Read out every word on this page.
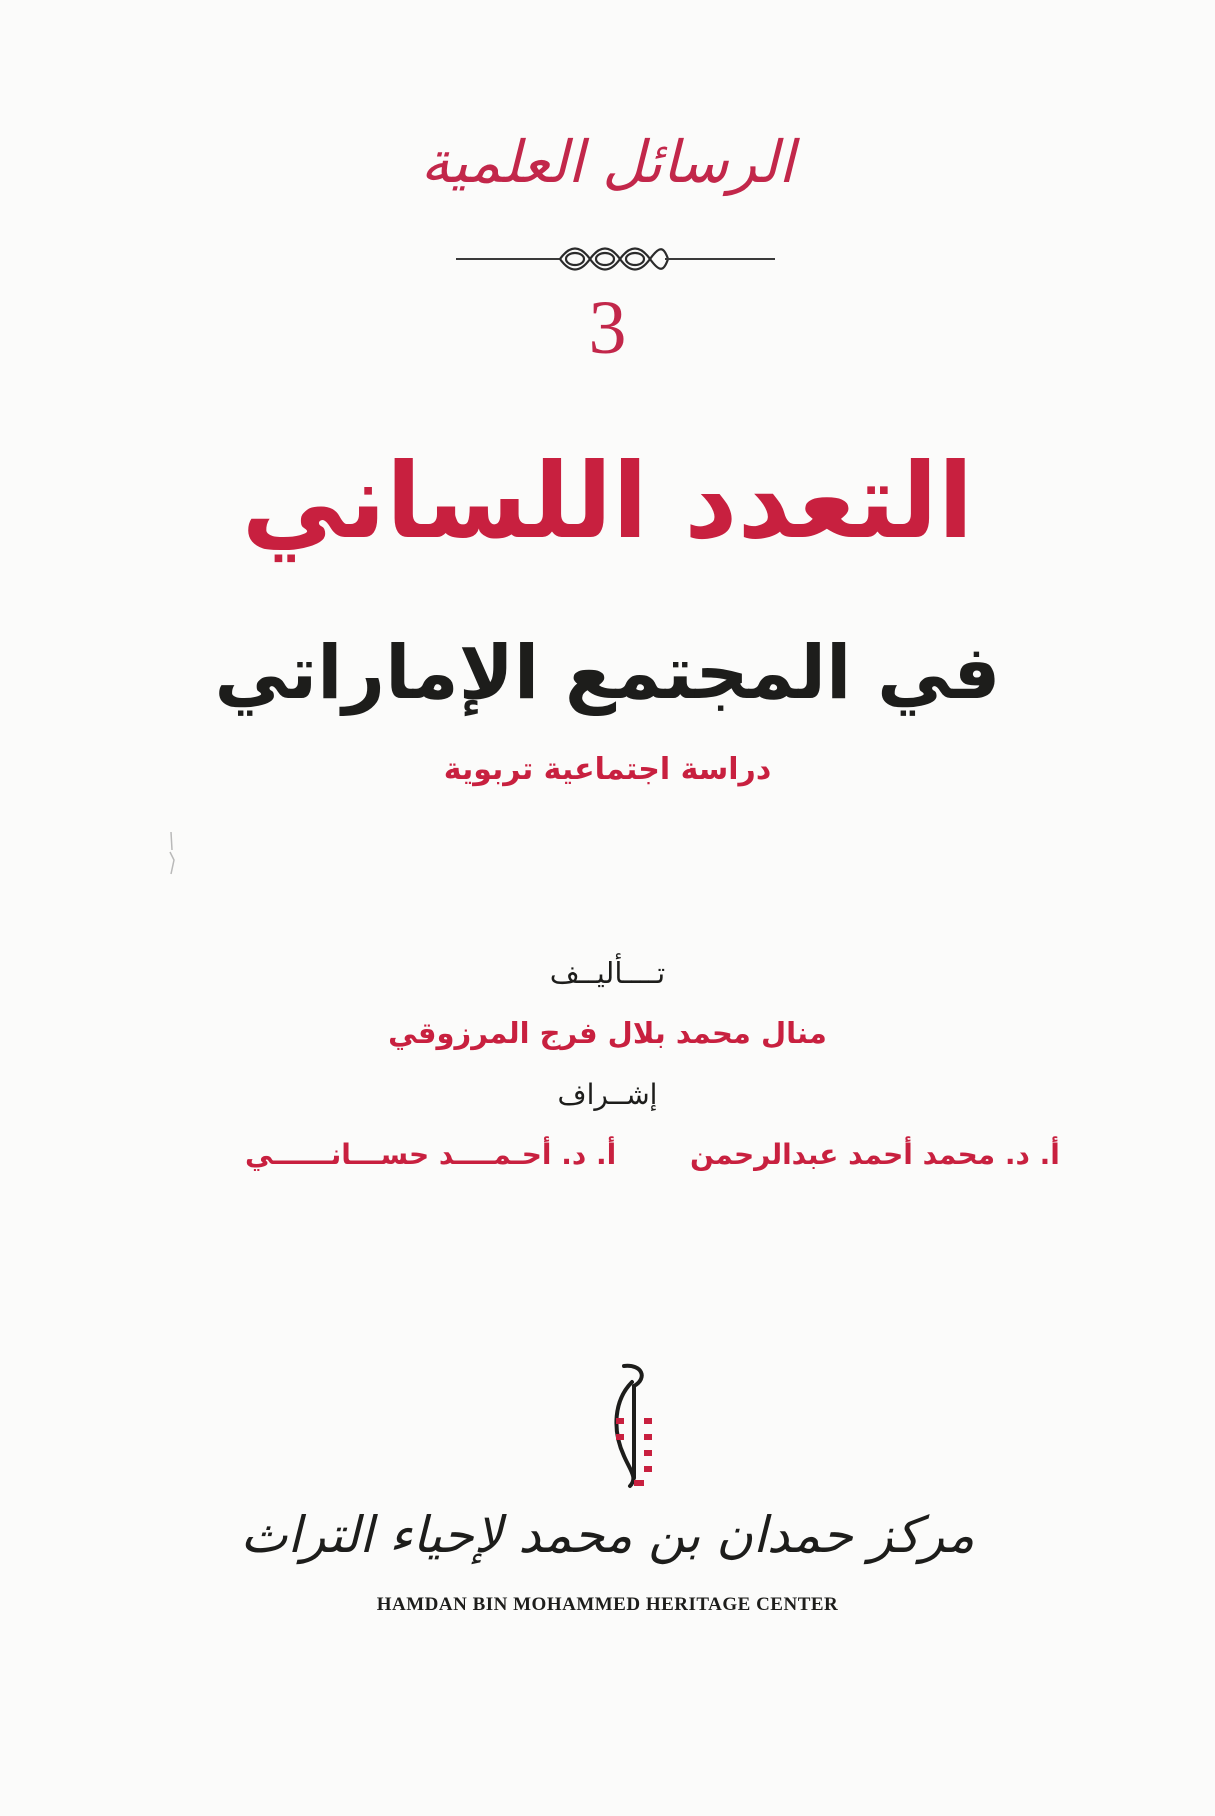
الرسائل العلمية
3
التعدد اللساني
في المجتمع الإماراتي
دراسة اجتماعية تربوية
تــــأليــف
منال محمد بلال فرج المرزوقي
إشــراف
أ. د. محمد أحمد عبدالرحمن
أ. د. أحـمــــد حســـانــــــي
مركز حمدان بن محمد لإحياء التراث
HAMDAN BIN MOHAMMED HERITAGE CENTER
